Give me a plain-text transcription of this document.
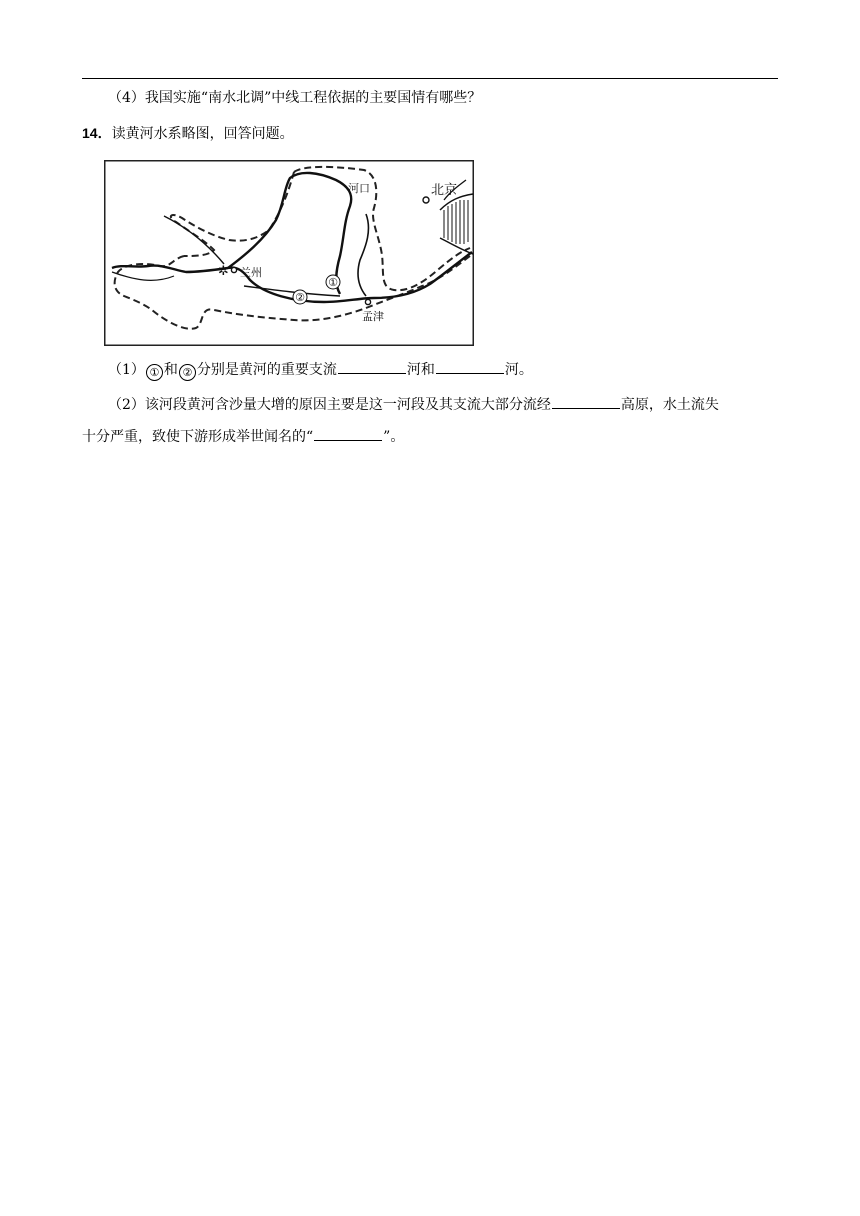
（4）我国实施“南水北调”中线工程依据的主要国情有哪些？
14．读黄河水系略图，回答问题。
✲
河口	北京
兰州
孟津
①
②
（1） ① 和 ② 分别是黄河的重要支流	河和	河。
（2）该河段黄河含沙量大增的原因主要是这一河段及其支流大部分流经	高原，水土流失
十分严重，致使下游形成举世闻名的“	”。
